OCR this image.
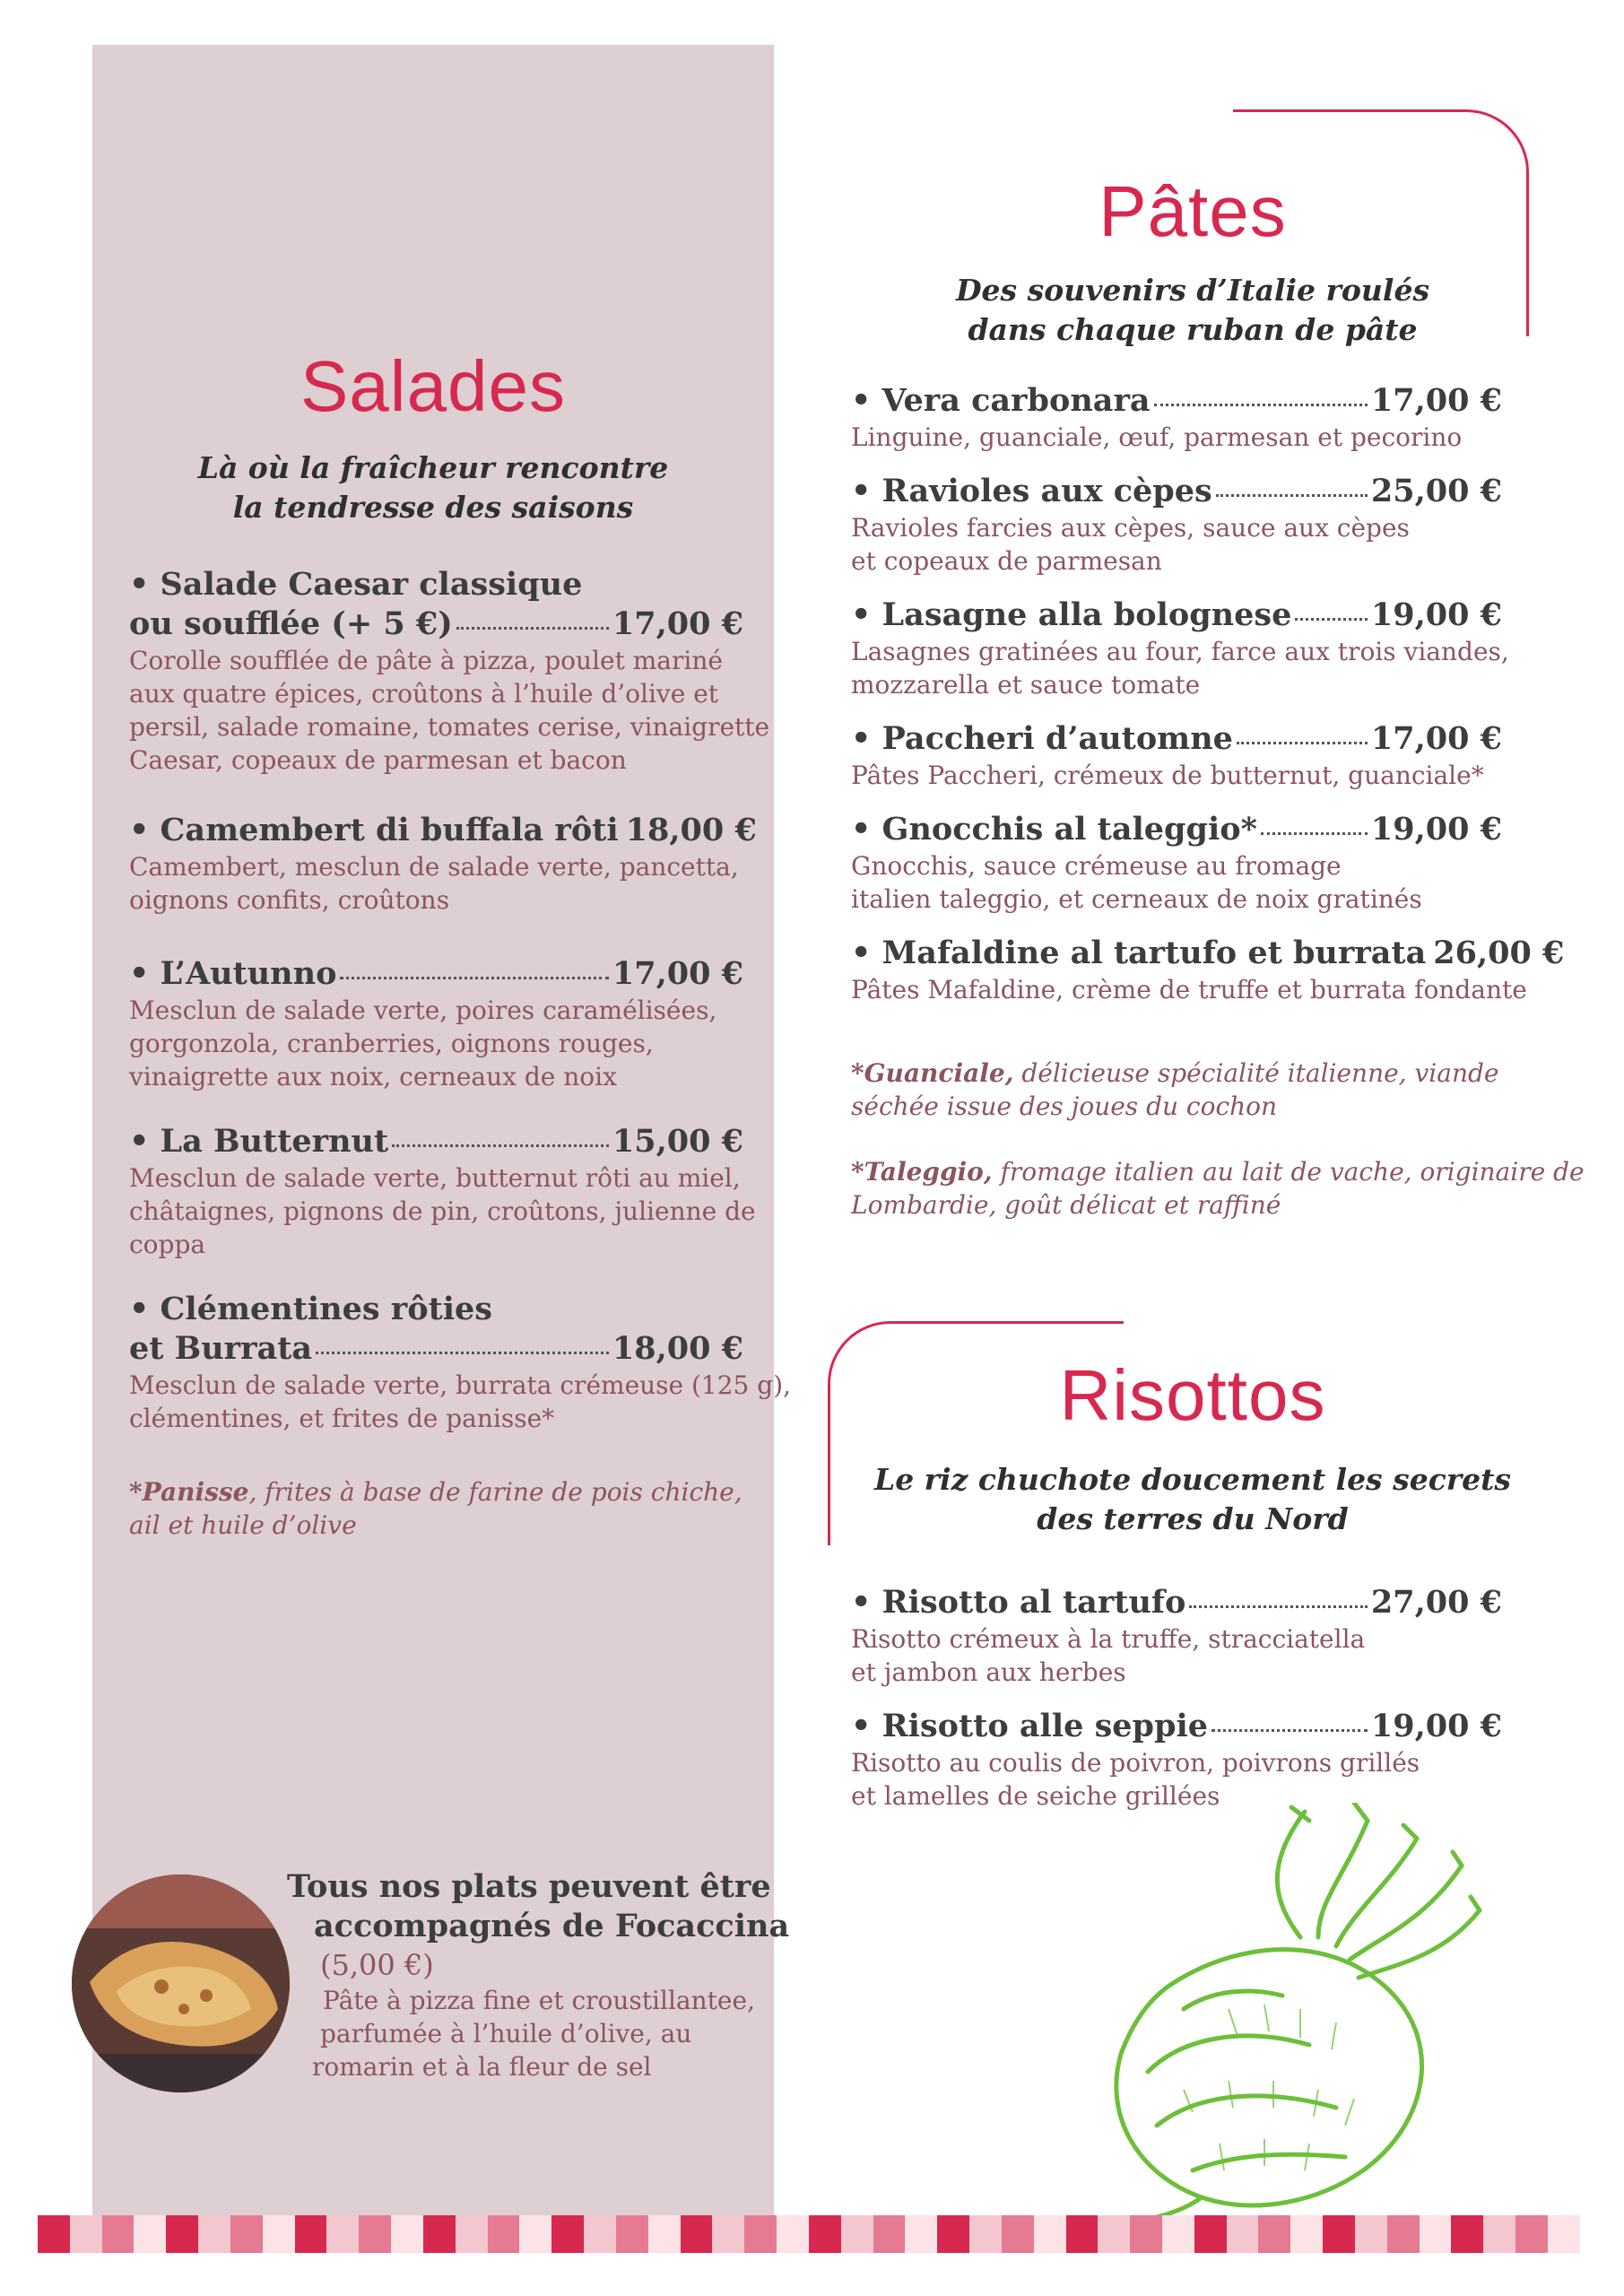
Salades
Là où la fraîcheur rencontre
la tendresse des saisons
• Salade Caesar classique
ou soufflée (+ 5 €)	17,00 €
Corolle soufflée de pâte à pizza, poulet mariné
aux quatre épices, croûtons à l’huile d’olive et
persil, salade romaine, tomates cerise, vinaigrette
Caesar, copeaux de parmesan et bacon
• Camembert di buffala rôti 18,00 €
Camembert, mesclun de salade verte, pancetta,
oignons confits, croûtons
• L’Autunno	17,00 €
Mesclun de salade verte, poires caramélisées,
gorgonzola, cranberries, oignons rouges,
vinaigrette aux noix, cerneaux de noix
• La Butternut	15,00 €
Mesclun de salade verte, butternut rôti au miel,
châtaignes, pignons de pin, croûtons, julienne de
coppa
• Clémentines rôties
et Burrata	18,00 €
Mesclun de salade verte, burrata crémeuse (125 g),
clémentines, et frites de panisse*
*Panisse, frites à base de farine de pois chiche,
ail et huile d’olive
Tous nos plats peuvent être
accompagnés de Focaccina
(5,00 €)
Pâte à pizza fine et croustillantee,
parfumée à l’huile d’olive, au
romarin et à la fleur de sel
Pâtes
Des souvenirs d’Italie roulés
dans chaque ruban de pâte
• Vera carbonara	17,00 €
Linguine, guanciale, œuf, parmesan et pecorino
• Ravioles aux cèpes	25,00 €
Ravioles farcies aux cèpes, sauce aux cèpes
et copeaux de parmesan
• Lasagne alla bolognese	19,00 €
Lasagnes gratinées au four, farce aux trois viandes,
mozzarella et sauce tomate
• Paccheri d’automne	17,00 €
Pâtes Paccheri, crémeux de butternut, guanciale*
• Gnocchis al taleggio*	19,00 €
Gnocchis, sauce crémeuse au fromage
italien taleggio, et cerneaux de noix gratinés
• Mafaldine al tartufo et burrata 26,00 €
Pâtes Mafaldine, crème de truffe et burrata fondante
*Guanciale, délicieuse spécialité italienne, viande
séchée issue des joues du cochon
*Taleggio, fromage italien au lait de vache, originaire de
Lombardie, goût délicat et raffiné
Risottos
Le riz chuchote doucement les secrets
des terres du Nord
• Risotto al tartufo	27,00 €
Risotto crémeux à la truffe, stracciatella
et jambon aux herbes
• Risotto alle seppie	19,00 €
Risotto au coulis de poivron, poivrons grillés
et lamelles de seiche grillées
